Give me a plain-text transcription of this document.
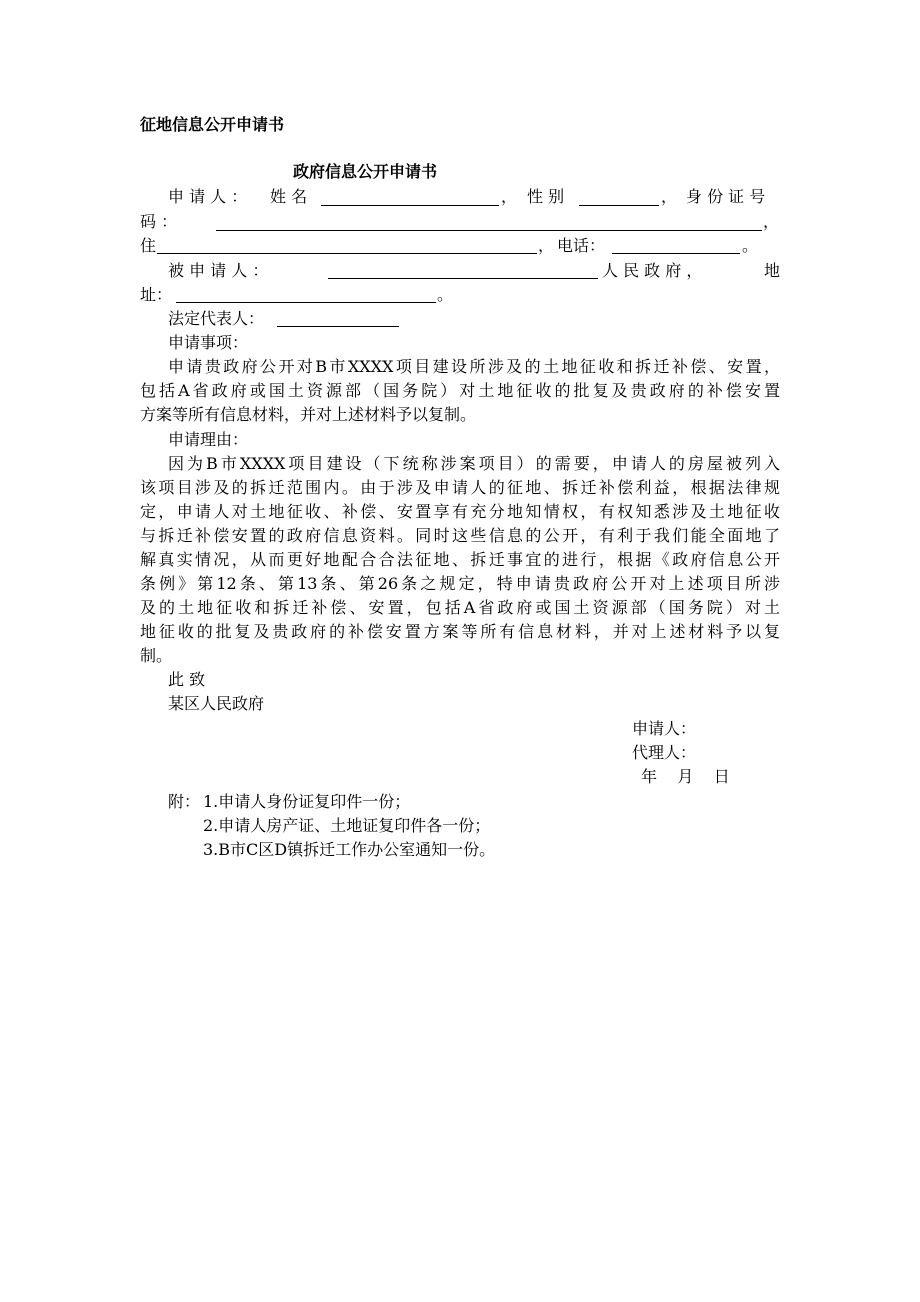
征地信息公开申请书
政府信息公开申请书
申 请 人 ： 姓 名	， 性 别	， 身 份 证 号
码 ：	，
住	， 电话：	。
被 申 请 人 ：	人 民 政 府 ，	地
址：	。
法定代表人：
申请事项：
申请贵政府公开对B市XXXX项目建设所涉及的土地征收和拆迁补偿、安置，
包括A省政府或国土资源部（国务院）对土地征收的批复及贵政府的补偿安置
方案等所有信息材料，并对上述材料予以复制。
申请理由：
因为B市XXXX项目建设（下统称涉案项目）的需要，申请人的房屋被列入
该项目涉及的拆迁范围内。由于涉及申请人的征地、拆迁补偿利益，根据法律规
定，申请人对土地征收、补偿、安置享有充分地知情权，有权知悉涉及土地征收
与拆迁补偿安置的政府信息资料。同时这些信息的公开，有利于我们能全面地了
解真实情况，从而更好地配合合法征地、拆迁事宜的进行，根据《政府信息公开
条例》第12条、第13条、第26条之规定，特申请贵政府公开对上述项目所涉
及的土地征收和拆迁补偿、安置，包括A省政府或国土资源部（国务院）对土
地征收的批复及贵政府的补偿安置方案等所有信息材料，并对上述材料予以复
制。
此 致
某区人民政府
申请人：
代理人：
年    月    日
附： 1.申请人身份证复印件一份；
2.申请人房产证、土地证复印件各一份；
3.B市C区D镇拆迁工作办公室通知一份。
